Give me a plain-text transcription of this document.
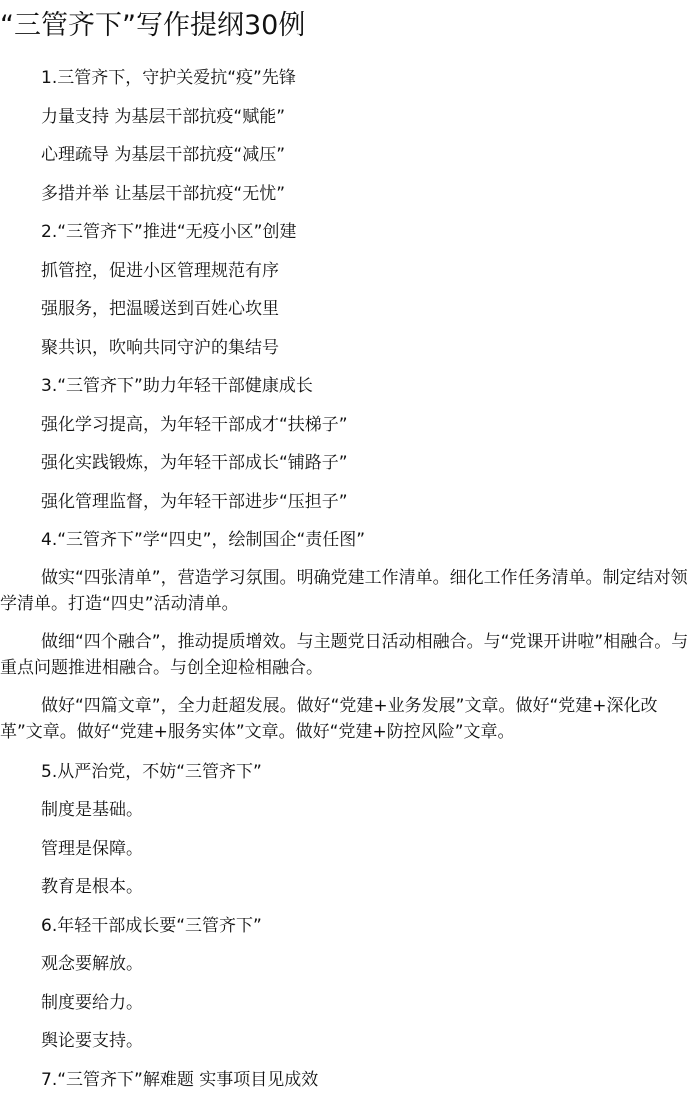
“三管齐下”写作提纲30例
1.三管齐下，守护关爱抗“疫”先锋
力量支持 为基层干部抗疫“赋能”
心理疏导 为基层干部抗疫“减压”
多措并举 让基层干部抗疫“无忧”
2.“三管齐下”推进“无疫小区”创建
抓管控，促进小区管理规范有序
强服务，把温暖送到百姓心坎里
聚共识，吹响共同守沪的集结号
3.“三管齐下”助力年轻干部健康成长
强化学习提高，为年轻干部成才“扶梯子”
强化实践锻炼，为年轻干部成长“铺路子”
强化管理监督，为年轻干部进步“压担子”
4.“三管齐下”学“四史”，绘制国企“责任图”
做实“四张清单”，营造学习氛围。明确党建工作清单。细化工作任务清单。制定结对领学清单。打造“四史”活动清单。
做细“四个融合”，推动提质增效。与主题党日活动相融合。与“党课开讲啦”相融合。与重点问题推进相融合。与创全迎检相融合。
做好“四篇文章”，全力赶超发展。做好“党建+业务发展”文章。做好“党建+深化改革”文章。做好“党建+服务实体”文章。做好“党建+防控风险”文章。
5.从严治党，不妨“三管齐下”
制度是基础。
管理是保障。
教育是根本。
6.年轻干部成长要“三管齐下”
观念要解放。
制度要给力。
舆论要支持。
7.“三管齐下”解难题 实事项目见成效
